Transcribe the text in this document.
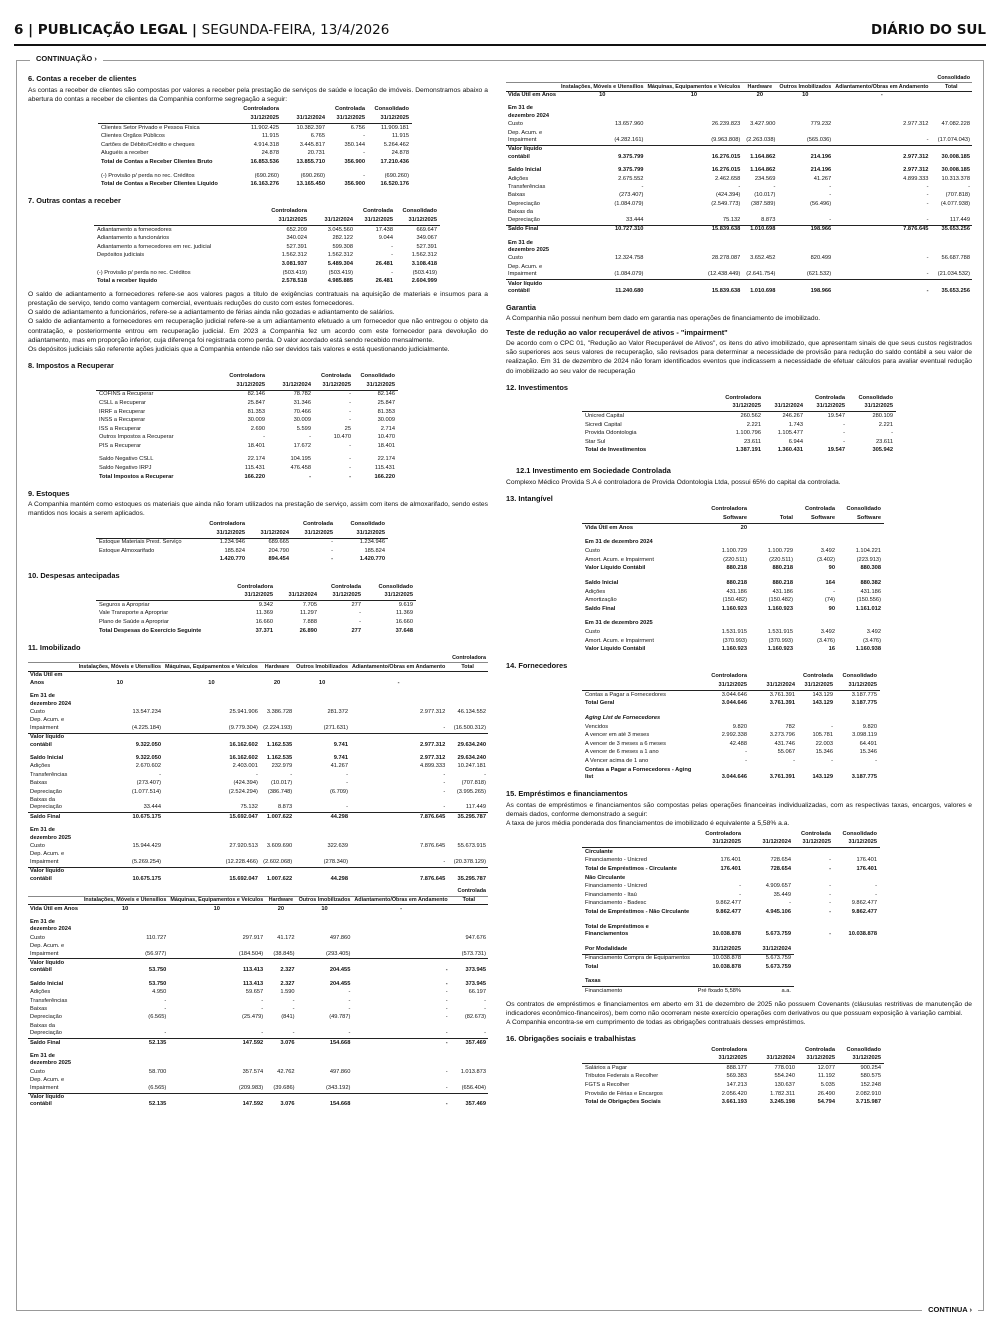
6 | PUBLICAÇÃO LEGAL | SEGUNDA-FEIRA, 13/4/2026	DIÁRIO DO SUL
CONTINUAÇÃO ›
CONTINUA ›
6. Contas a receber de clientes
As contas a receber de clientes são compostas por valores a receber pela prestação de serviços de saúde e locação de imóveis. Demonstramos abaixo a abertura do contas a receber de clientes da Companhia conforme segregação a seguir:
	Controladora		Controlada	Consolidado
	31/12/2025	31/12/2024	31/12/2025	31/12/2025
Clientes Setor Privado e Pessoa Física	11.902.425	10.382.397	6.756	11.909.181
Clientes Orgãos Públicos	11.915	6.765	-	11.915
Cartões de Débito/Crédito e cheques	4.914.318	3.445.817	350.144	5.264.462
Aluguéis a receber	24.878	20.731	-	24.878
Total de Contas a Receber Clientes Bruto	16.853.536	13.855.710	356.900	17.210.436

(-) Provisão p/ perda no rec. Créditos	(690.260)	(690.260)	-	(690.260)
Total de Contas a Receber Clientes Líquido	16.163.276	13.165.450	356.900	16.520.176
7. Outras contas a receber
	Controladora		Controlada	Consolidado
	31/12/2025	31/12/2024	31/12/2025	31/12/2025
Adiantamento a fornecedores	652.209	3.045.560	17.438	669.647
Adiantamento a funcionários	340.024	282.122	9.044	349.067
Adiantamento a fornecedores em rec. judicial	527.391	599.308	-	527.391
Depósitos judiciais	1.562.312	1.562.312	-	1.562.312
	3.081.937	5.489.304	26.481	3.108.418
(-) Provisão p/ perda no rec. Créditos	(503.419)	(503.419)	-	(503.419)
Total a receber líquido	2.578.518	4.985.885	26.481	2.604.999
O saldo de adiantamento a fornecedores refere-se aos valores pagos a título de exigências contratuais na aquisição de materiais e insumos para a prestação de serviço, tendo como vantagem comercial, eventuais reduções do custo com estes fornecedores.
O saldo de adiantamento a funcionários, refere-se a adiantamento de férias ainda não gozadas e adiantamento de salários.
O saldo de adiantamento a fornecedores em recuperação judicial refere-se a um adiantamento efetuado a um fornecedor que não entregou o objeto da contratação, e posteriormente entrou em recuperação judicial. Em 2023 a Companhia fez um acordo com este fornecedor para devolução do adiantamento, mas em proporção inferior, cuja diferença foi registrada como perda. O valor acordado está sendo recebido mensalmente.
Os depósitos judiciais são referente ações judiciais que a Companhia entende não ser devidos tais valores e está questionando judicialmente.
8. Impostos a Recuperar
	Controladora		Controlada	Consolidado
	31/12/2025	31/12/2024	31/12/2025	31/12/2025
COFINS a Recuperar	82.146	78.782	-	82.146
CSLL a Recuperar	25.847	31.346	-	25.847
IRRF a Recuperar	81.353	70.466	-	81.353
INSS a Recuperar	30.009	30.009	-	30.009
ISS a Recuperar	2.690	5.599	25	2.714
Outros Impostos a Recuperar	-	-	10.470	10.470
PIS a Recuperar	18.401	17.672	-	18.401

Saldo Negativo CSLL	22.174	104.195	-	22.174
Saldo Negativo IRPJ	115.431	476.458	-	115.431
Total Impostos a Recuperar	166.220	-	-	166.220
9. Estoques
A Companhia mantém como estoques os materiais que ainda não foram utilizados na prestação de serviço, assim com itens de almoxarifado, sendo estes mantidos nos locais a serem aplicados.
	Controladora		Controlada	Consolidado
	31/12/2025	31/12/2024	31/12/2025	31/12/2025
Estoque Materiais Prest. Serviço	1.234.946	689.665	-	1.234.946
Estoque Almoxarifado	185.824	204.790	-	185.824
	1.420.770	894.454	-	1.420.770
10. Despesas antecipadas
	Controladora		Controlada	Consolidado
	31/12/2025	31/12/2024	31/12/2025	31/12/2025
Seguros a Apropriar	9.342	7.705	277	9.619
Vale Transporte a Apropriar	11.369	11.297	-	11.369
Plano de Saúde a Apropriar	16.660	7.888	-	16.660
Total Despesas do Exercício Seguinte	37.371	26.890	277	37.648
11. Imobilizado
						Controladora
	Instalações, Móveis e Utensílios	Máquinas, Equipamentos e Veículos	Hardware	Outros Imobilizados	Adiantamento/Obras em Andamento	Total
Vida Útil em Anos	10	10	20	10	-	

Em 31 de dezembro 2024						
Custo	13.547.234	25.941.906	3.386.728	281.372	2.977.312	46.134.552
Dep. Acum. e Impairment	(4.225.184)	(9.779.304)	(2.224.193)	(271.631)	-	(16.500.312)
Valor líquido contábil	9.322.050	16.162.602	1.162.535	9.741	2.977.312	29.634.240

Saldo Inicial	9.322.050	16.162.602	1.162.535	9.741	2.977.312	29.634.240
Adições	2.670.602	2.403.001	232.979	41.267	4.899.333	10.247.181
Transferências	-	-	-	-	-	-
Baixas	(273.407)	(424.394)	(10.017)	-	-	(707.818)
Depreciação	(1.077.514)	(2.524.294)	(386.748)	(6.709)	-	(3.995.265)
Baixas da Depreciação	33.444	75.132	8.873	-	-	117.449
Saldo Final	10.675.175	15.692.047	1.007.622	44.298	7.876.645	35.295.787

Em 31 de dezembro 2025						
Custo	15.944.429	27.920.513	3.609.690	322.639	7.876.645	55.673.915
Dep. Acum. e Impairment	(5.269.254)	(12.228.466)	(2.602.068)	(278.340)	-	(20.378.129)
Valor líquido contábil	10.675.175	15.692.047	1.007.622	44.298	7.876.645	35.295.787
						Controlada
	Instalações, Móveis e Utensílios	Máquinas, Equipamentos e Veículos	Hardware	Outros Imobilizados	Adiantamento/Obras em Andamento	Total
Vida Útil em Anos	10	10	20	10	-	

Em 31 de dezembro 2024						
Custo	110.727	297.917	41.172	497.860		947.676
Dep. Acum. e Impairment	(56.977)	(184.504)	(38.845)	(293.405)		(573.731)
Valor líquido contábil	53.750	113.413	2.327	204.455	-	373.945

Saldo Inicial	53.750	113.413	2.327	204.455	-	373.945
Adições	4.950	59.657	1.590	-	-	66.197
Transferências	-	-	-	-	-	-
Baixas	-	-	-	-	-	-
Depreciação	(6.565)	(25.479)	(841)	(49.787)	-	(82.673)
Baixas da Depreciação	-	-	-	-	-	-
Saldo Final	52.135	147.592	3.076	154.668	-	357.469

Em 31 de dezembro 2025						
Custo	58.700	357.574	42.762	497.860	-	1.013.873
Dep. Acum. e Impairment	(6.565)	(209.983)	(39.686)	(343.192)	-	(656.404)
Valor líquido contábil	52.135	147.592	3.076	154.668	-	357.469
						Consolidado
	Instalações, Móveis e Utensílios	Máquinas, Equipamentos e Veículos	Hardware	Outros Imobilizados	Adiantamento/Obras em Andamento	Total
Vida Útil em Anos	10	10	20	10	-	

Em 31 de dezembro 2024						
Custo	13.657.960	26.239.823	3.427.900	779.232	2.977.312	47.082.228
Dep. Acum. e Impairment	(4.282.161)	(9.963.808)	(2.263.038)	(565.036)	-	(17.074.043)
Valor líquido contábil	9.375.799	16.276.015	1.164.862	214.196	2.977.312	30.008.185

Saldo Inicial	9.375.799	16.276.015	1.164.862	214.196	2.977.312	30.008.185
Adições	2.675.552	2.462.658	234.569	41.267	4.899.333	10.313.378
Transferências	-	-	-	-	-	-
Baixas	(273.407)	(424.394)	(10.017)	-	-	(707.818)
Depreciação	(1.084.079)	(2.549.773)	(387.589)	(56.496)	-	(4.077.938)
Baixas da Depreciação	33.444	75.132	8.873	-	-	117.449
Saldo Final	10.727.310	15.839.638	1.010.698	198.966	7.876.645	35.653.256

Em 31 de dezembro 2025						
Custo	12.324.758	28.278.087	3.652.452	820.499	-	56.687.788
Dep. Acum. e Impairment	(1.084.079)	(12.438.449)	(2.641.754)	(621.532)	-	(21.034.532)
Valor líquido contábil	11.240.680	15.839.638	1.010.698	198.966	-	35.653.256
Garantia
A Companhia não possui nenhum bem dado em garantia nas operações de financiamento de imobilizado.
Teste de redução ao valor recuperável de ativos - "impairment"
De acordo com o CPC 01, "Redução ao Valor Recuperável de Ativos", os itens do ativo imobilizado, que apresentam sinais de que seus custos registrados são superiores aos seus valores de recuperação, são revisados para determinar a necessidade de provisão para redução do saldo contábil a seu valor de realização. Em 31 de dezembro de 2024 não foram identificados eventos que indicassem a necessidade de efetuar cálculos para avaliar eventual redução do imobilizado ao seu valor de recuperação
12. Investimentos
	Controladora		Controlada	Consolidado
	31/12/2025	31/12/2024	31/12/2025	31/12/2025
Unicred Capital	260.562	246.267	19.547	280.109
Sicredi Capital	2.221	1.743	-	2.221
Provida Odontologia	1.100.796	1.105.477	-	-
Star Sul	23.611	6.944	-	23.611
Total de Investimentos	1.387.191	1.360.431	19.547	305.942
12.1 Investimento em Sociedade Controlada
Complexo Médico Provida S.A é controladora de Provida Odontologia Ltda, possui 65% do capital da controlada.
13. Intangível
	Controladora		Controlada	Consolidado
	Software	Total	Software	Software
Vida Útil em Anos	20			

Em 31 de dezembro 2024				
Custo	1.100.729	1.100.729	3.492	1.104.221
Amort. Acum. e Impairment	(220.511)	(220.511)	(3.402)	(223.913)
Valor Líquido Contábil	880.218	880.218	90	880.308

Saldo Inicial	880.218	880.218	164	880.382
Adições	431.186	431.186	-	431.186
Amortização	(150.482)	(150.482)	(74)	(150.556)
Saldo Final	1.160.923	1.160.923	90	1.161.012

Em 31 de dezembro 2025				
Custo	1.531.915	1.531.915	3.492	3.492
Amort. Acum. e Impairment	(370.993)	(370.993)	(3.476)	(3.476)
Valor Líquido Contábil	1.160.923	1.160.923	16	1.160.938
14. Fornecedores
	Controladora		Controlada	Consolidado
	31/12/2025	31/12/2024	31/12/2025	31/12/2025
Contas a Pagar a Fornecedores	3.044.646	3.761.391	143.129	3.187.775
Total Geral	3.044.646	3.761.391	143.129	3.187.775

Aging List de Fornecedores				
Vencidos	9.820	782	-	9.820
A vencer em até 3 meses	2.992.338	3.273.796	105.781	3.098.119
A vencer de 3 meses a 6 meses	42.488	431.746	22.003	64.491
A vencer de 6 meses a 1 ano	-	55.067	15.346	15.346
A Vencer acima de 1 ano	-	-	-	-
Contas a Pagar a Fornecedores - Aging list	3.044.646	3.761.391	143.129	3.187.775
15. Empréstimos e financiamentos
As contas de empréstimos e financiamentos são compostas pelas operações financeiras individualizadas, com as respectivas taxas, encargos, valores e demais dados, conforme demonstrado a seguir:
A taxa de juros média ponderada dos financiamentos de imobilizado é equivalente a 5,58% a.a.
	Controladora		Controlada	Consolidado
	31/12/2025	31/12/2024	31/12/2025	31/12/2025
Circulante				
Financiamento - Unicred	176.401	728.654	-	176.401
Total de Empréstimos - Circulante	176.401	728.654	-	176.401
Não Circulante				
Financiamento - Unicred	-	4.909.657	-	-
Financiamento - Itaú	-	35.449	-	-
Financiamento - Badesc	9.862.477	-	-	9.862.477
Total de Empréstimos - Não Circulante	9.862.477	4.945.106	-	9.862.477

Total de Empréstimos e Financiamentos	10.038.878	5.673.759	-	10.038.878
Por Modalidade	31/12/2025	31/12/2024
Financiamento Compra de Equipamentos	10.038.878	5.673.759
Total	10.038.878	5.673.759
Taxas		
Financiamento	Pré fixado 5,58%	a.a.
Os contratos de empréstimos e financiamentos em aberto em 31 de dezembro de 2025 não possuem Covenants (cláusulas restritivas de manutenção de indicadores econômico-financeiros), bem como não ocorreram neste exercício operações com derivativos ou que possuam exposição à variação cambial.
A Companhia encontra-se em cumprimento de todas as obrigações contratuais desses empréstimos.
16. Obrigações sociais e trabalhistas
	Controladora		Controlada	Consolidado
	31/12/2025	31/12/2024	31/12/2025	31/12/2025
Salários a Pagar	888.177	778.010	12.077	900.254
Tributos Federais a Recolher	569.383	554.240	11.192	580.575
FGTS a Recolher	147.213	130.637	5.035	152.248
Provisão de Férias e Encargos	2.056.420	1.782.311	26.490	2.082.910
Total de Obrigações Sociais	3.661.193	3.245.198	54.794	3.715.987
